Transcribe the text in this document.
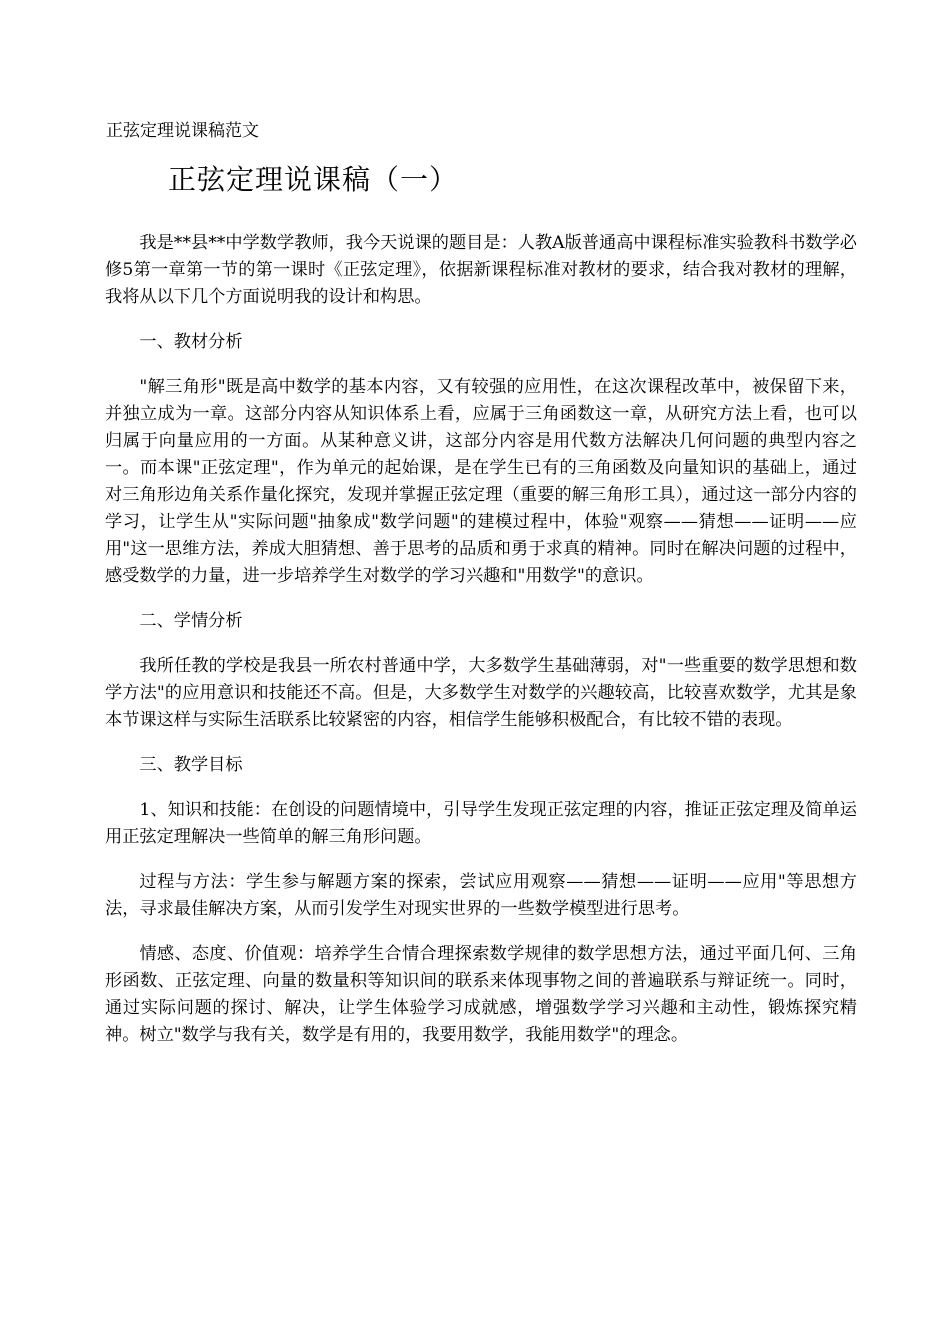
正弦定理说课稿范文
正弦定理说课稿（一）

我是**县**中学数学教师，我今天说课的题目是：人教A版普通高中课程标准实验教科书数学必修5第一章第一节的第一课时《正弦定理》，依据新课程标准对教材的要求，结合我对教材的理解，我将从以下几个方面说明我的设计和构思。

一、教材分析

"解三角形"既是高中数学的基本内容，又有较强的应用性，在这次课程改革中，被保留下来，并独立成为一章。这部分内容从知识体系上看，应属于三角函数这一章，从研究方法上看，也可以归属于向量应用的一方面。从某种意义讲，这部分内容是用代数方法解决几何问题的典型内容之一。而本课"正弦定理"，作为单元的起始课，是在学生已有的三角函数及向量知识的基础上，通过对三角形边角关系作量化探究，发现并掌握正弦定理（重要的解三角形工具），通过这一部分内容的学习，让学生从"实际问题"抽象成"数学问题"的建模过程中，体验"观察——猜想——证明——应用"这一思维方法，养成大胆猜想、善于思考的品质和勇于求真的精神。同时在解决问题的过程中，感受数学的力量，进一步培养学生对数学的学习兴趣和"用数学"的意识。

二、学情分析

我所任教的学校是我县一所农村普通中学，大多数学生基础薄弱，对"一些重要的数学思想和数学方法"的应用意识和技能还不高。但是，大多数学生对数学的兴趣较高，比较喜欢数学，尤其是象本节课这样与实际生活联系比较紧密的内容，相信学生能够积极配合，有比较不错的表现。

三、教学目标

1、知识和技能：在创设的问题情境中，引导学生发现正弦定理的内容，推证正弦定理及简单运用正弦定理解决一些简单的解三角形问题。

过程与方法：学生参与解题方案的探索，尝试应用观察——猜想——证明——应用"等思想方法，寻求最佳解决方案，从而引发学生对现实世界的一些数学模型进行思考。

情感、态度、价值观：培养学生合情合理探索数学规律的数学思想方法，通过平面几何、三角形函数、正弦定理、向量的数量积等知识间的联系来体现事物之间的普遍联系与辩证统一。同时，通过实际问题的探讨、解决，让学生体验学习成就感，增强数学学习兴趣和主动性，锻炼探究精神。树立"数学与我有关，数学是有用的，我要用数学，我能用数学"的理念。
